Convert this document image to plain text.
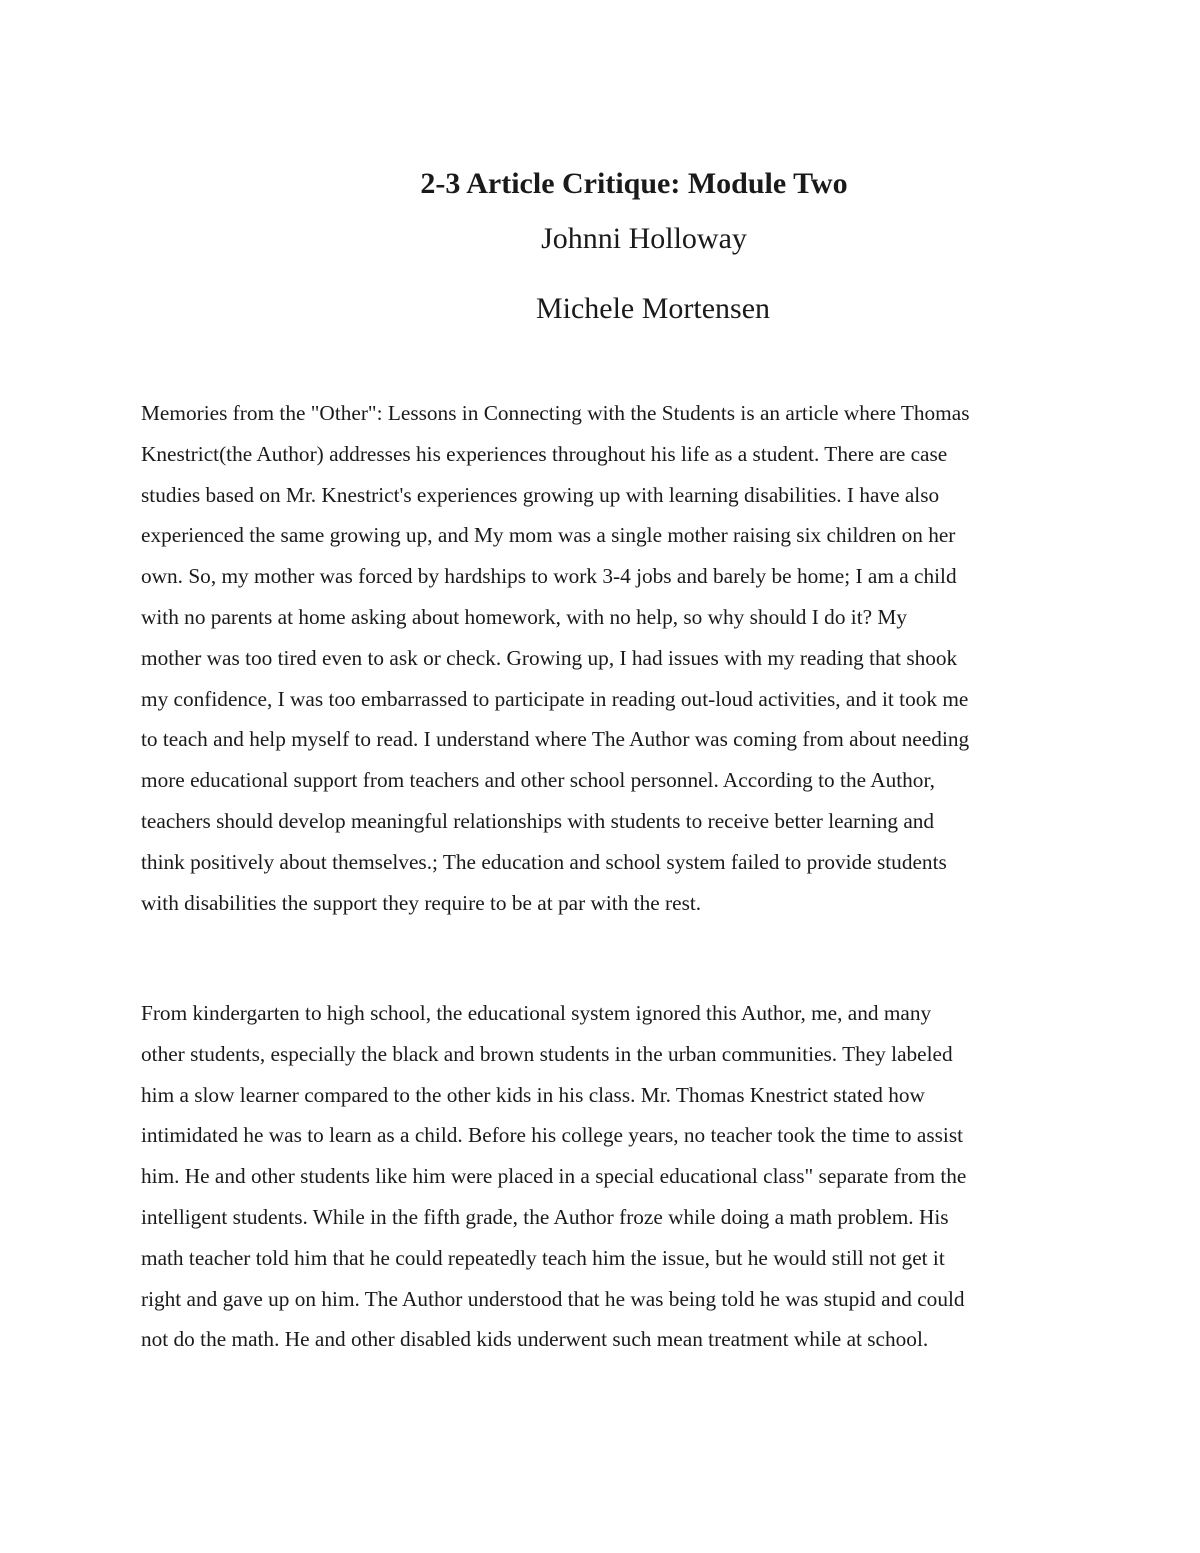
2-3 Article Critique: Module Two
Johnni Holloway
Michele Mortensen

Memories from the "Other": Lessons in Connecting with the Students is an article where Thomas
Knestrict(the Author) addresses his experiences throughout his life as a student. There are case
studies based on Mr. Knestrict's experiences growing up with learning disabilities. I have also
experienced the same growing up, and My mom was a single mother raising six children on her
own. So, my mother was forced by hardships to work 3-4 jobs and barely be home; I am a child
with no parents at home asking about homework, with no help, so why should I do it? My
mother was too tired even to ask or check. Growing up, I had issues with my reading that shook
my confidence, I was too embarrassed to participate in reading out-loud activities, and it took me
to teach and help myself to read. I understand where The Author was coming from about needing
more educational support from teachers and other school personnel. According to the Author,
teachers should develop meaningful relationships with students to receive better learning and
think positively about themselves.; The education and school system failed to provide students
with disabilities the support they require to be at par with the rest.

From kindergarten to high school, the educational system ignored this Author, me, and many
other students, especially the black and brown students in the urban communities. They labeled
him a slow learner compared to the other kids in his class. Mr. Thomas Knestrict stated how
intimidated he was to learn as a child. Before his college years, no teacher took the time to assist
him. He and other students like him were placed in a special educational class" separate from the
intelligent students. While in the fifth grade, the Author froze while doing a math problem. His
math teacher told him that he could repeatedly teach him the issue, but he would still not get it
right and gave up on him. The Author understood that he was being told he was stupid and could
not do the math. He and other disabled kids underwent such mean treatment while at school.
